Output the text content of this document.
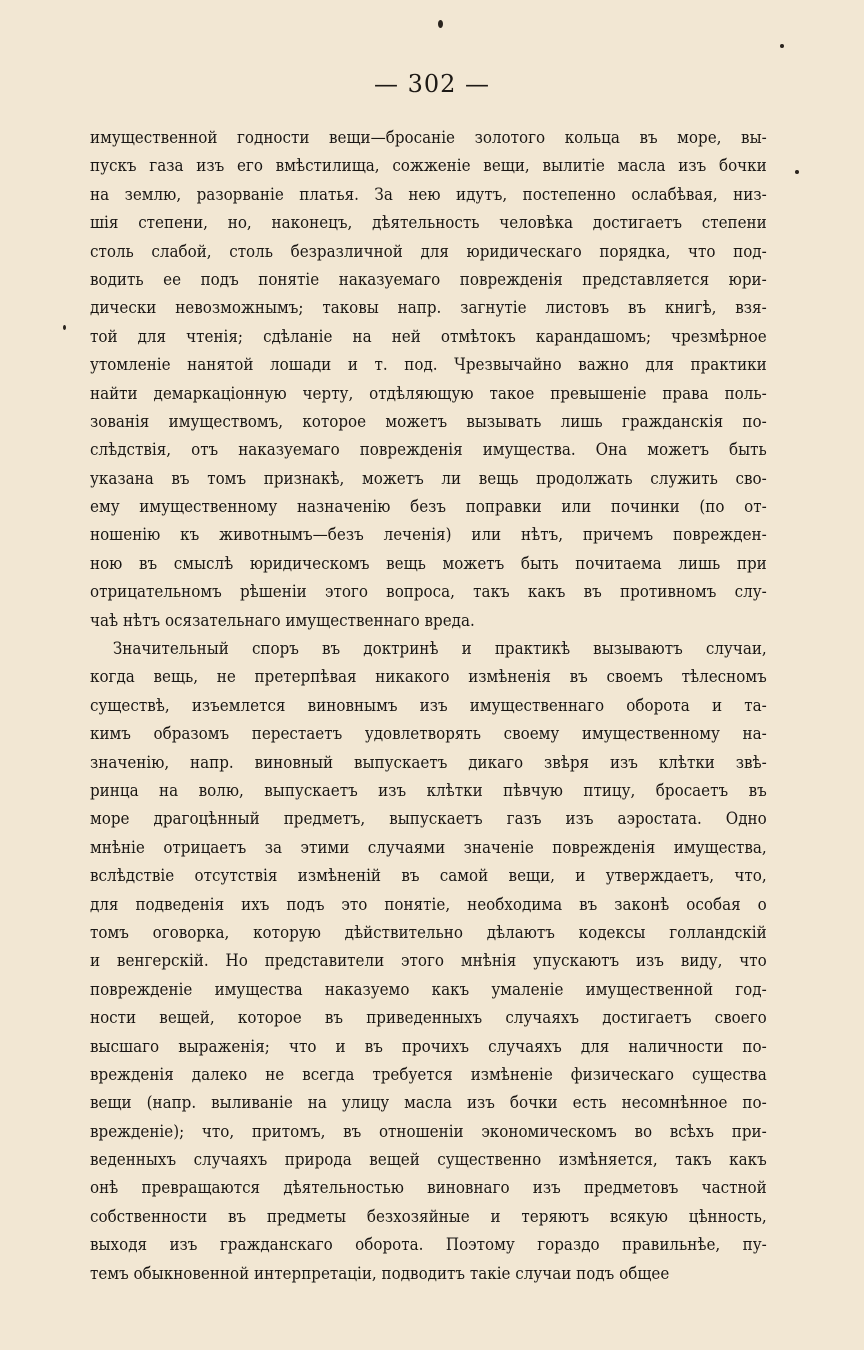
— 302 —
имущественной годности вещи—бросаніе золотого кольца въ море, вы-
пускъ газа изъ его вмѣстилища, сожженіе вещи, вылитіе масла изъ бочки
на землю, разорваніе платья. За нею идутъ, постепенно ослабѣвая, низ-
шія степени, но, наконецъ, дѣятельность человѣка достигаетъ степени
столь слабой, столь безразличной для юридическаго порядка, что под-
водить ее подъ понятіе наказуемаго поврежденія представляется юри-
дически невозможнымъ; таковы напр. загнутіе листовъ въ книгѣ, взя-
той для чтенія; сдѣланіе на ней отмѣтокъ карандашомъ; чрезмѣрное
утомленіе нанятой лошади и т. под. Чрезвычайно важно для практики
найти демаркаціонную черту, отдѣляющую такое превышеніе права поль-
зованія имуществомъ, которое можетъ вызывать лишь гражданскія по-
слѣдствія, отъ наказуемаго поврежденія имущества. Она можетъ быть
указана въ томъ признакѣ, можетъ ли вещь продолжать служить сво-
ему имущественному назначенію безъ поправки или починки (по от-
ношенію къ животнымъ—безъ леченія) или нѣтъ, причемъ поврежден-
ною въ смыслѣ юридическомъ вещь можетъ быть почитаема лишь при
отрицательномъ рѣшеніи этого вопроса, такъ какъ въ противномъ слу-
чаѣ нѣтъ осязательнаго имущественнаго вреда.
Значительный споръ въ доктринѣ и практикѣ вызываютъ случаи,
когда вещь, не претерпѣвая никакого измѣненія въ своемъ тѣлесномъ
существѣ, изъемлется виновнымъ изъ имущественнаго оборота и та-
кимъ образомъ перестаетъ удовлетворять своему имущественному на-
значенію, напр. виновный выпускаетъ дикаго звѣря изъ клѣтки звѣ-
ринца на волю, выпускаетъ изъ клѣтки пѣвчую птицу, бросаетъ въ
море драгоцѣнный предметъ, выпускаетъ газъ изъ аэростата. Одно
мнѣніе отрицаетъ за этими случаями значеніе поврежденія имущества,
вслѣдствіе отсутствія измѣненій въ самой вещи, и утверждаетъ, что,
для подведенія ихъ подъ это понятіе, необходима въ законѣ особая о
томъ оговорка, которую дѣйствительно дѣлаютъ кодексы голландскій
и венгерскій. Но представители этого мнѣнія упускаютъ изъ виду, что
поврежденіе имущества наказуемо какъ умаленіе имущественной год-
ности вещей, которое въ приведенныхъ случаяхъ достигаетъ своего
высшаго выраженія; что и въ прочихъ случаяхъ для наличности по-
врежденія далеко не всегда требуется измѣненіе физическаго существа
вещи (напр. выливаніе на улицу масла изъ бочки есть несомнѣнное по-
врежденіе); что, притомъ, въ отношеніи экономическомъ во всѣхъ при-
веденныхъ случаяхъ природа вещей существенно измѣняется, такъ какъ
онѣ превращаются дѣятельностью виновнаго изъ предметовъ частной
собственности въ предметы безхозяйные и теряютъ всякую цѣнность,
выходя изъ гражданскаго оборота. Поэтому гораздо правильнѣе, пу-
темъ обыкновенной интерпретаціи, подводитъ такіе случаи подъ общее
